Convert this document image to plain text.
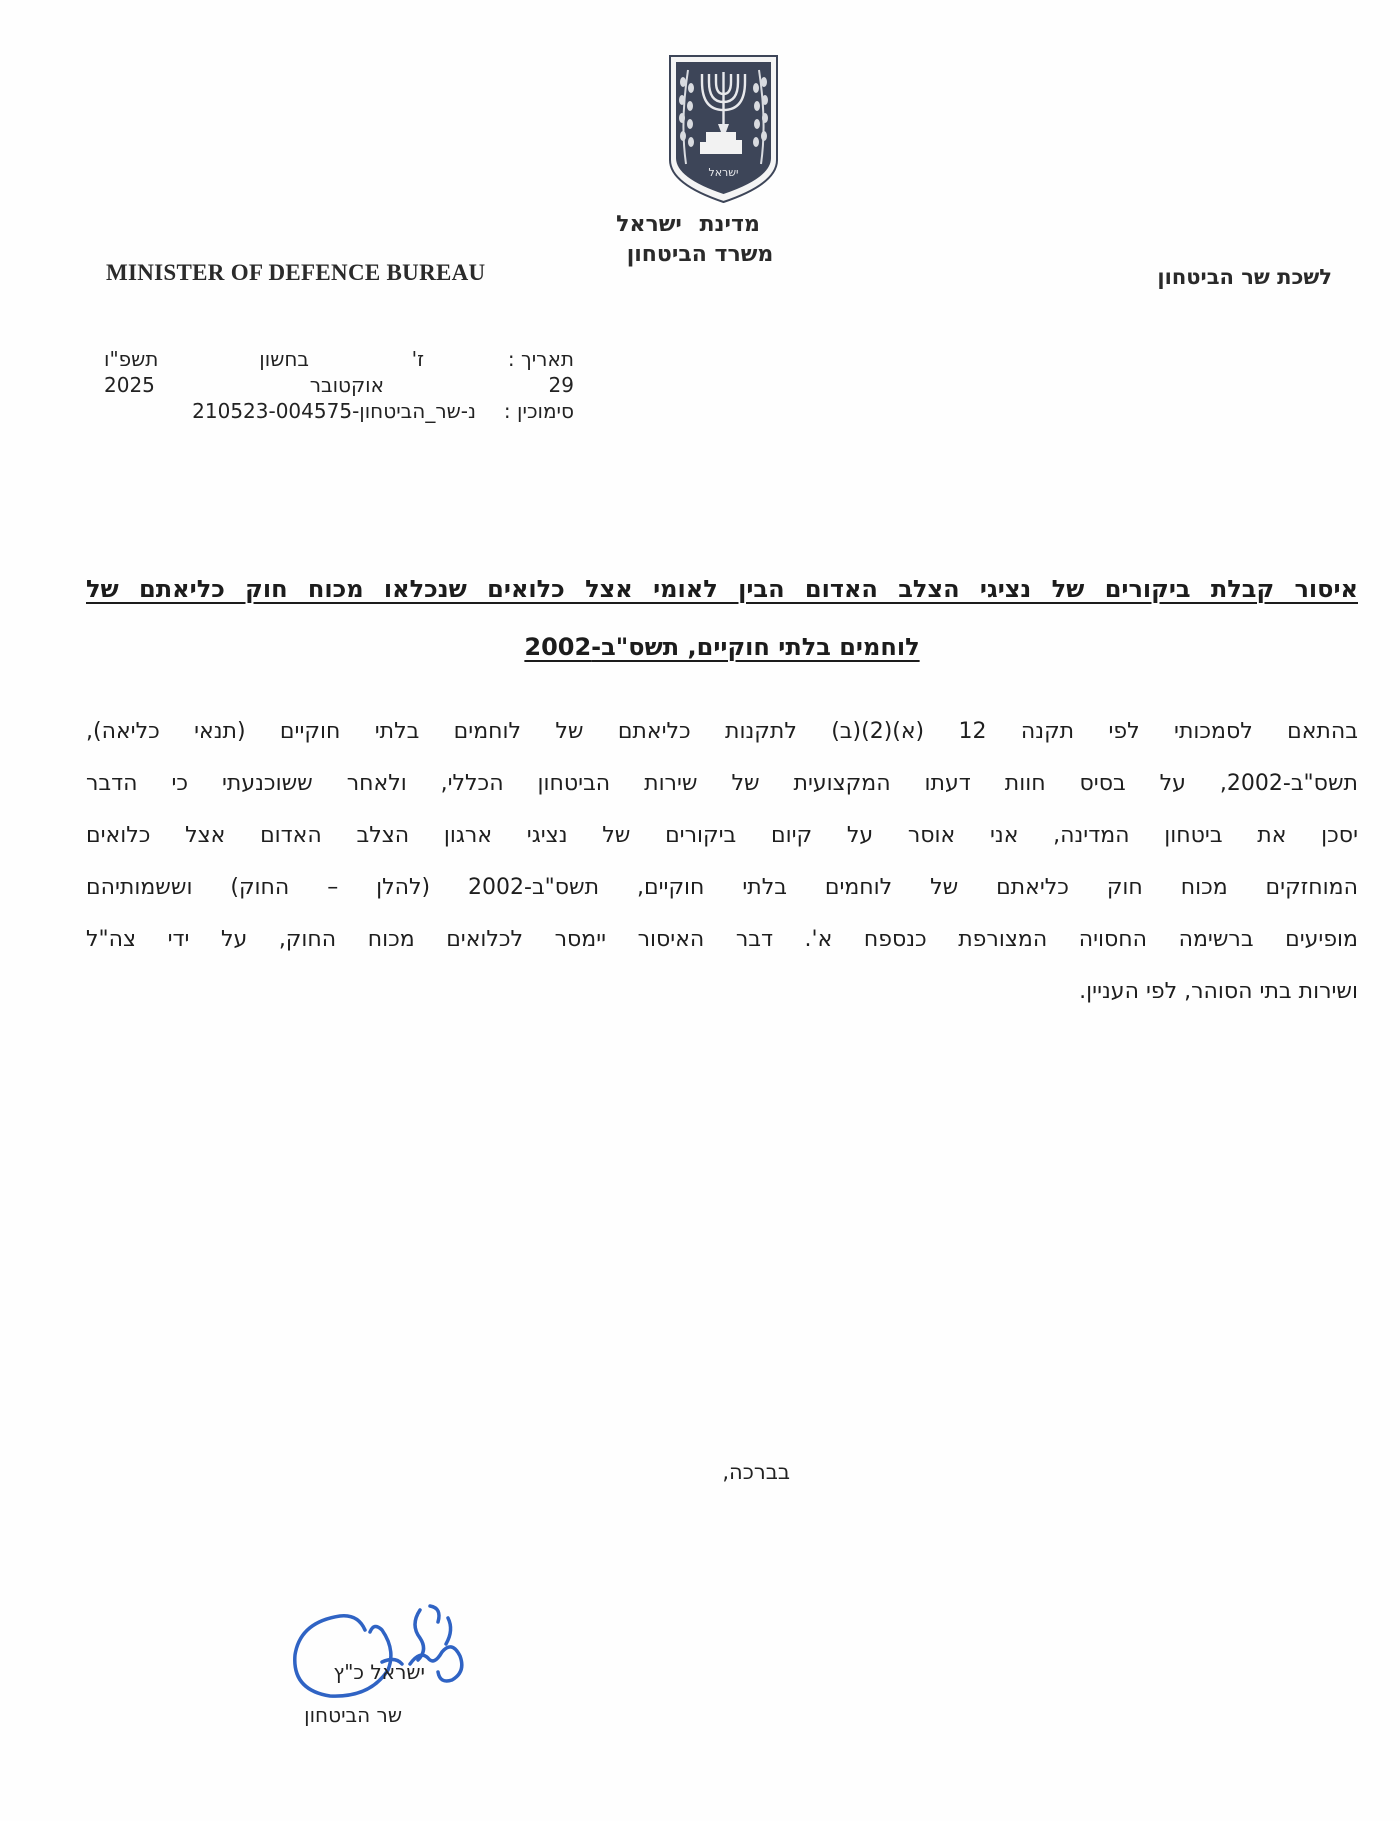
ישראל
מדינת ישראל
משרד הביטחון
MINISTER OF DEFENCE BUREAU	לשכת שר הביטחון
תאריך :
ז'
בחשון
תשפ"ו
29
אוקטובר
2025
סימוכין :
נ-שר_הביטחון-210523-004575
איסור קבלת ביקורים של נציגי הצלב האדום הבין לאומי אצל כלואים שנכלאו מכוח חוק כליאתם של
לוחמים בלתי חוקיים, תשס"ב-2002
בהתאם לסמכותי לפי תקנה 12 (א)(2)(ב) לתקנות כליאתם של לוחמים בלתי חוקיים (תנאי כליאה),
תשס"ב-2002, על בסיס חוות דעתו המקצועית של שירות הביטחון הכללי, ולאחר ששוכנעתי כי הדבר
יסכן את ביטחון המדינה, אני אוסר על קיום ביקורים של נציגי ארגון הצלב האדום אצל כלואים
המוחזקים מכוח חוק כליאתם של לוחמים בלתי חוקיים, תשס"ב-2002 (להלן – החוק) וששמותיהם
מופיעים ברשימה החסויה המצורפת כנספח א'. דבר האיסור יימסר לכלואים מכוח החוק, על ידי צה"ל
ושירות בתי הסוהר, לפי העניין.
בברכה,
ישראל כ"ץ
שר הביטחון
